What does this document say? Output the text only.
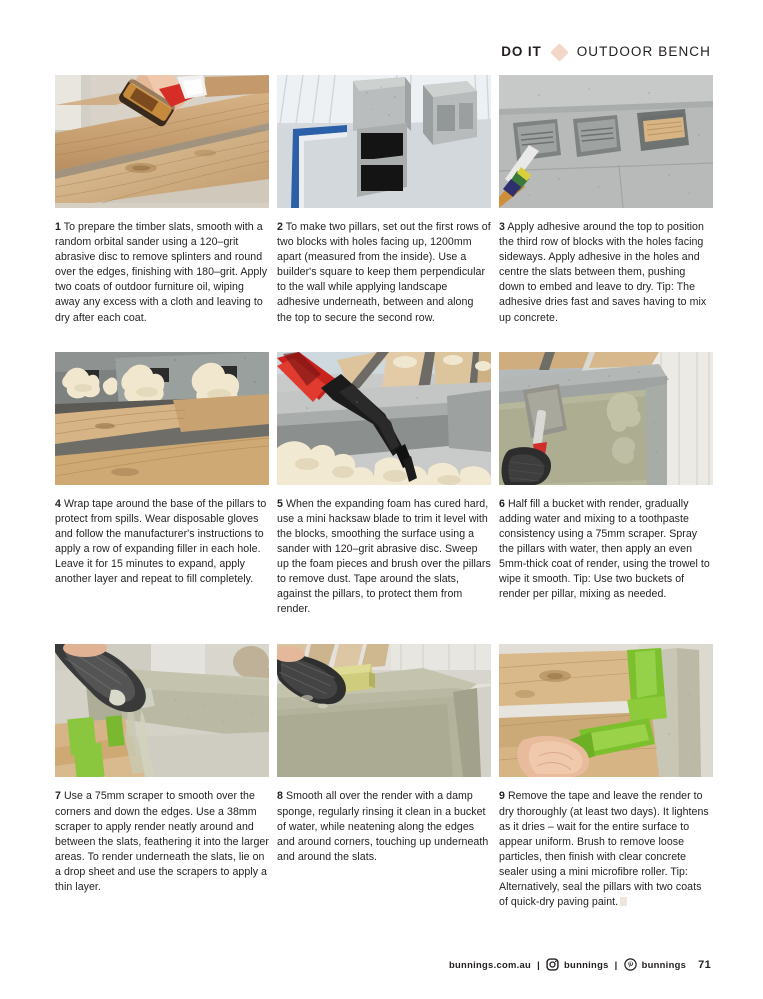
DO IT	OUTDOOR BENCH
1 To prepare the timber slats, smooth with a random orbital sander using a 120–grit abrasive disc to remove splinters and round over the edges, finishing with 180–grit. Apply two coats of outdoor furniture oil, wiping away any excess with a cloth and leaving to dry after each coat.
2 To make two pillars, set out the first rows of two blocks with holes facing up, 1200mm apart (measured from the inside). Use a builder's square to keep them perpendicular to the wall while applying landscape adhesive underneath, between and along the top to secure the second row.
3 Apply adhesive around the top to position the third row of blocks with the holes facing sideways. Apply adhesive in the holes and centre the slats between them, pushing down to embed and leave to dry. Tip: The adhesive dries fast and saves having to mix up concrete.
4 Wrap tape around the base of the pillars to protect from spills. Wear disposable gloves and follow the manufacturer's instructions to apply a row of expanding filler in each hole. Leave it for 15 minutes to expand, apply another layer and repeat to fill completely.
5 When the expanding foam has cured hard, use a mini hacksaw blade to trim it level with the blocks, smoothing the surface using a sander with 120–grit abrasive disc. Sweep up the foam pieces and brush over the pillars to remove dust. Tape around the slats, against the pillars, to protect them from render.
6 Half fill a bucket with render, gradually adding water and mixing to a toothpaste consistency using a 75mm scraper. Spray the pillars with water, then apply an even 5mm-thick coat of render, using the trowel to wipe it smooth. Tip: Use two buckets of render per pillar, mixing as needed.
7 Use a 75mm scraper to smooth over the corners and down the edges. Use a 38mm scraper to apply render neatly around and between the slats, feathering it into the larger areas. To render underneath the slats, lie on a drop sheet and use the scrapers to apply a thin layer.
8 Smooth all over the render with a damp sponge, regularly rinsing it clean in a bucket of water, while neatening along the edges and around corners, touching up underneath and around the slats.
9 Remove the tape and leave the render to dry thoroughly (at least two days). It lightens as it dries – wait for the entire surface to appear uniform. Brush to remove loose particles, then finish with clear concrete sealer using a mini microfibre roller. Tip: Alternatively, seal the pillars with two coats of quick-dry paving paint.
bunnings.com.au |	bunnings |	bunnings 71
